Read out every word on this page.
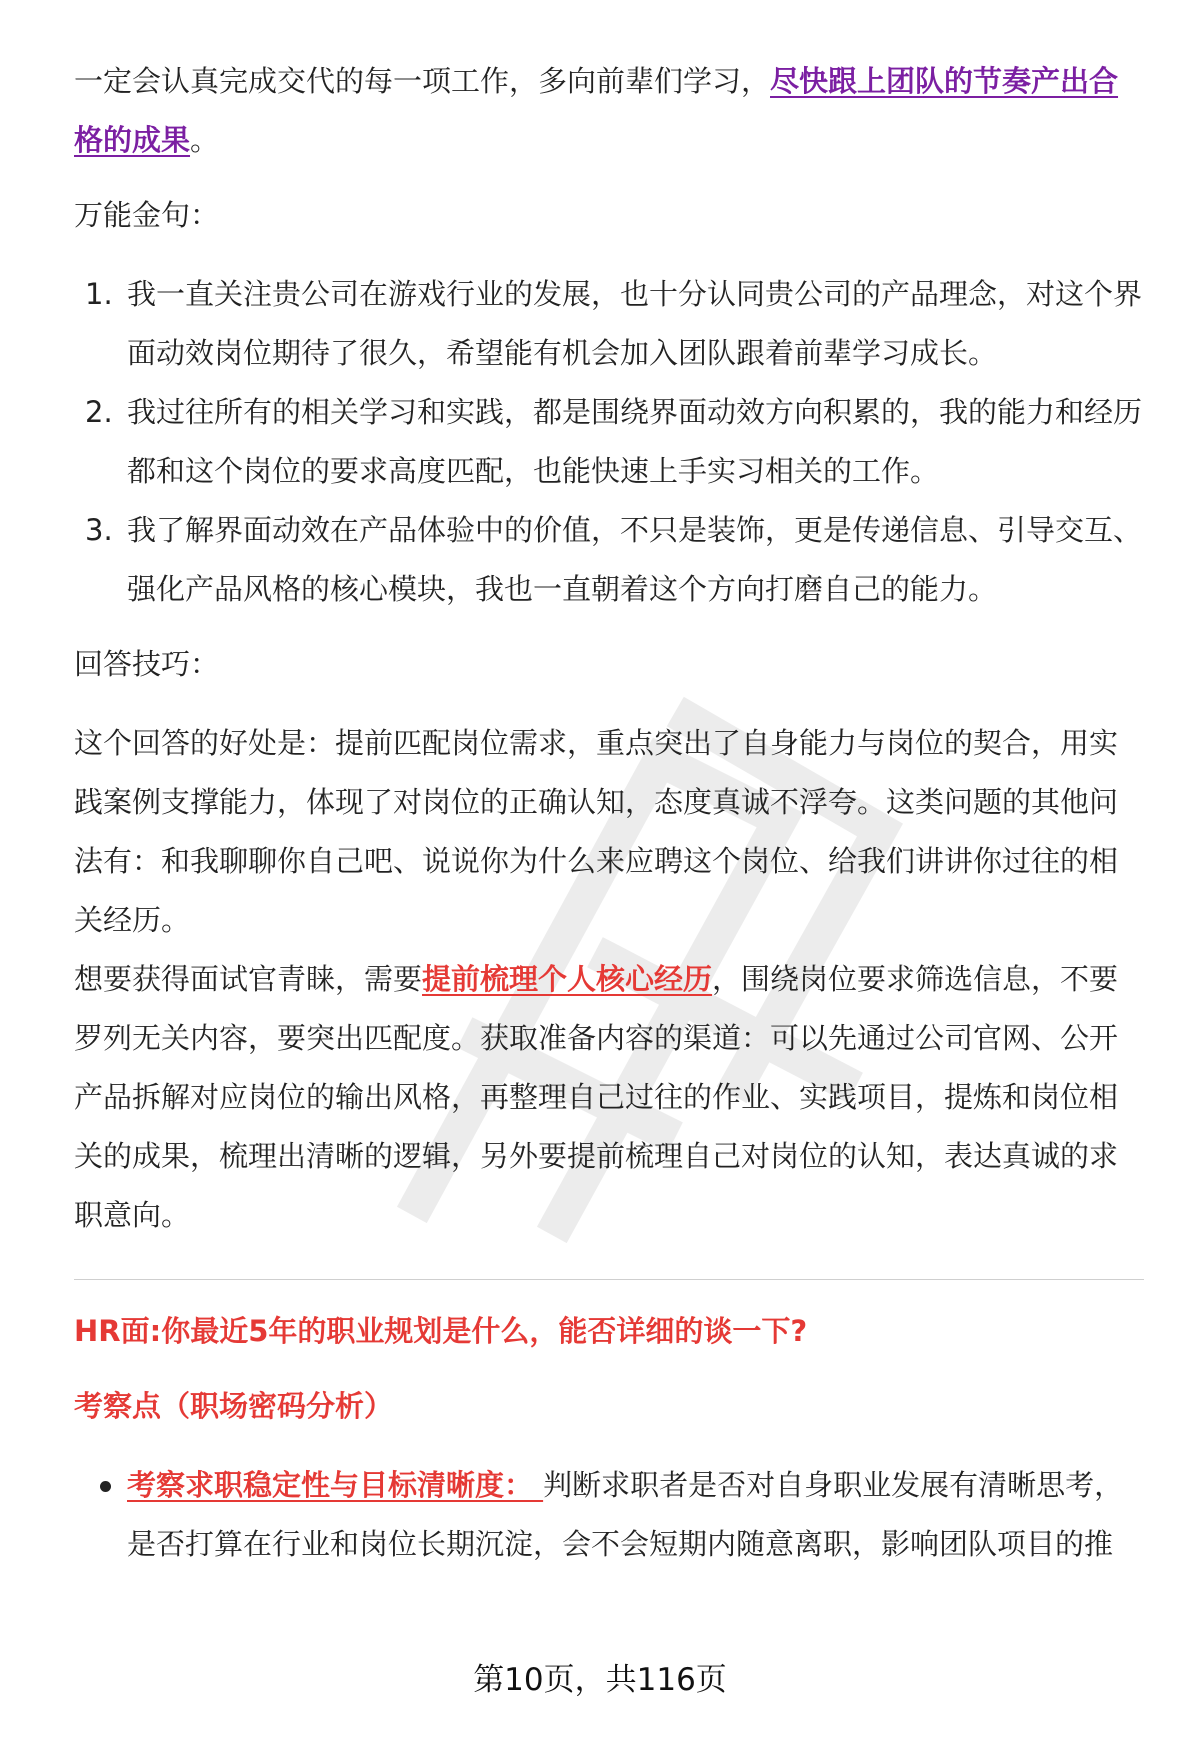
一定会认真完成交代的每一项工作，多向前辈们学习，尽快跟上团队的节奏产出合格的成果。

万能金句：

1. 我一直关注贵公司在游戏行业的发展，也十分认同贵公司的产品理念，对这个界面动效岗位期待了很久，希望能有机会加入团队跟着前辈学习成长。
2. 我过往所有的相关学习和实践，都是围绕界面动效方向积累的，我的能力和经历都和这个岗位的要求高度匹配，也能快速上手实习相关的工作。
3. 我了解界面动效在产品体验中的价值，不只是装饰，更是传递信息、引导交互、强化产品风格的核心模块，我也一直朝着这个方向打磨自己的能力。

回答技巧：

这个回答的好处是：提前匹配岗位需求，重点突出了自身能力与岗位的契合，用实践案例支撑能力，体现了对岗位的正确认知，态度真诚不浮夸。这类问题的其他问法有：和我聊聊你自己吧、说说你为什么来应聘这个岗位、给我们讲讲你过往的相关经历。

想要获得面试官青睐，需要提前梳理个人核心经历，围绕岗位要求筛选信息，不要罗列无关内容，要突出匹配度。获取准备内容的渠道：可以先通过公司官网、公开产品拆解对应岗位的输出风格，再整理自己过往的作业、实践项目，提炼和岗位相关的成果，梳理出清晰的逻辑，另外要提前梳理自己对岗位的认知，表达真诚的求职意向。

HR面:你最近5年的职业规划是什么，能否详细的谈一下?

考察点（职场密码分析）

考察求职稳定性与目标清晰度： 判断求职者是否对自身职业发展有清晰思考，是否打算在行业和岗位长期沉淀，会不会短期内随意离职，影响团队项目的推
第10页，共116页
